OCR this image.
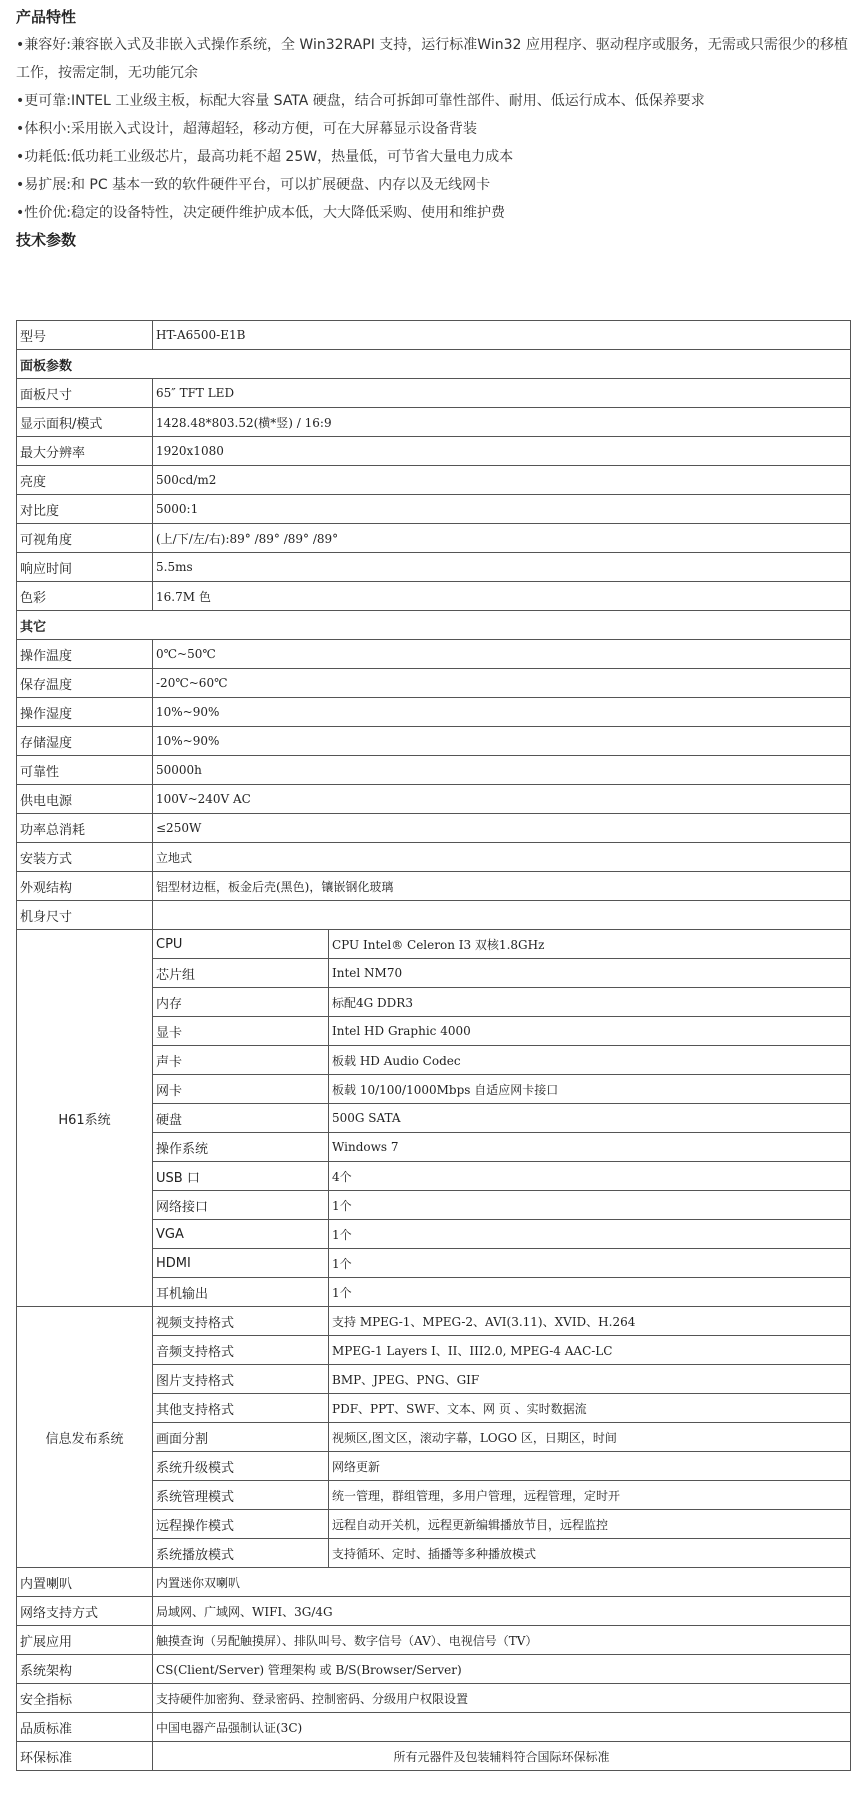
产品特性

•兼容好:兼容嵌入式及非嵌入式操作系统，全 Win32RAPI 支持，运行标准Win32 应用程序、驱动程序或服务，无需或只需很少的移植工作，按需定制，无功能冗余

•更可靠:INTEL 工业级主板，标配大容量 SATA 硬盘，结合可拆卸可靠性部件、耐用、低运行成本、低保养要求

•体积小:采用嵌入式设计，超薄超轻，移动方便，可在大屏幕显示设备背装

•功耗低:低功耗工业级芯片，最高功耗不超 25W，热量低，可节省大量电力成本

•易扩展:和 PC 基本一致的软件硬件平台，可以扩展硬盘、内存以及无线网卡

•性价优:稳定的设备特性，决定硬件维护成本低，大大降低采购、使用和维护费

技术参数
型号	HT-A6500-E1B	
面板参数		
面板尺寸	65″ TFT LED	
显示面积/模式	1428.48*803.52(横*竖) / 16:9	
最大分辨率	1920x1080	
亮度	500cd/m2	
对比度	5000:1	
可视角度	(上/下/左/右):89° /89° /89° /89°	
响应时间	5.5ms	
色彩	16.7M 色	
其它		
操作温度	0℃~50℃	
保存温度	-20℃~60℃	
操作湿度	10%~90%	
存储湿度	10%~90%	
可靠性	50000h	
供电电源	100V~240V AC	
功率总消耗	≤250W	
安装方式	立地式	
外观结构	铝型材边框，板金后壳(黑色)，镶嵌钢化玻璃	
机身尺寸		
H61系统	CPU	CPU Intel® Celeron I3 双核1.8GHz
	芯片组	Intel NM70
	内存	标配4G DDR3
	显卡	Intel HD Graphic 4000
	声卡	板载 HD Audio Codec
	网卡	板载 10/100/1000Mbps 自适应网卡接口
	硬盘	500G SATA
	操作系统	Windows 7
	USB 口	4个
	网络接口	1个
	VGA	1个
	HDMI	1个
	耳机输出	1个
信息发布系统	视频支持格式	支持 MPEG-1、MPEG-2、AVI(3.11)、XVID、H.264
	音频支持格式	MPEG-1 Layers I、II、III2.0, MPEG-4 AAC-LC
	图片支持格式	BMP、JPEG、PNG、GIF
	其他支持格式	PDF、PPT、SWF、文本、网 页 、实时数据流
	画面分割	视频区,图文区，滚动字幕，LOGO 区，日期区，时间
	系统升级模式	网络更新
	系统管理模式	统一管理，群组管理，多用户管理，远程管理，定时开
	远程操作模式	远程自动开关机，远程更新编辑播放节目，远程监控
	系统播放模式	支持循环、定时、插播等多种播放模式
内置喇叭	内置迷你双喇叭	
网络支持方式	局域网、广域网、WIFI、3G/4G	
扩展应用	触摸查询（另配触摸屏）、排队叫号、数字信号（AV）、电视信号（TV）	
系统架构	CS(Client/Server) 管理架构 或 B/S(Browser/Server)	
安全指标	支持硬件加密狗、登录密码、控制密码、分级用户权限设置	
品质标准	中国电器产品强制认证(3C)	
环保标准	所有元器件及包装辅料符合国际环保标准	
